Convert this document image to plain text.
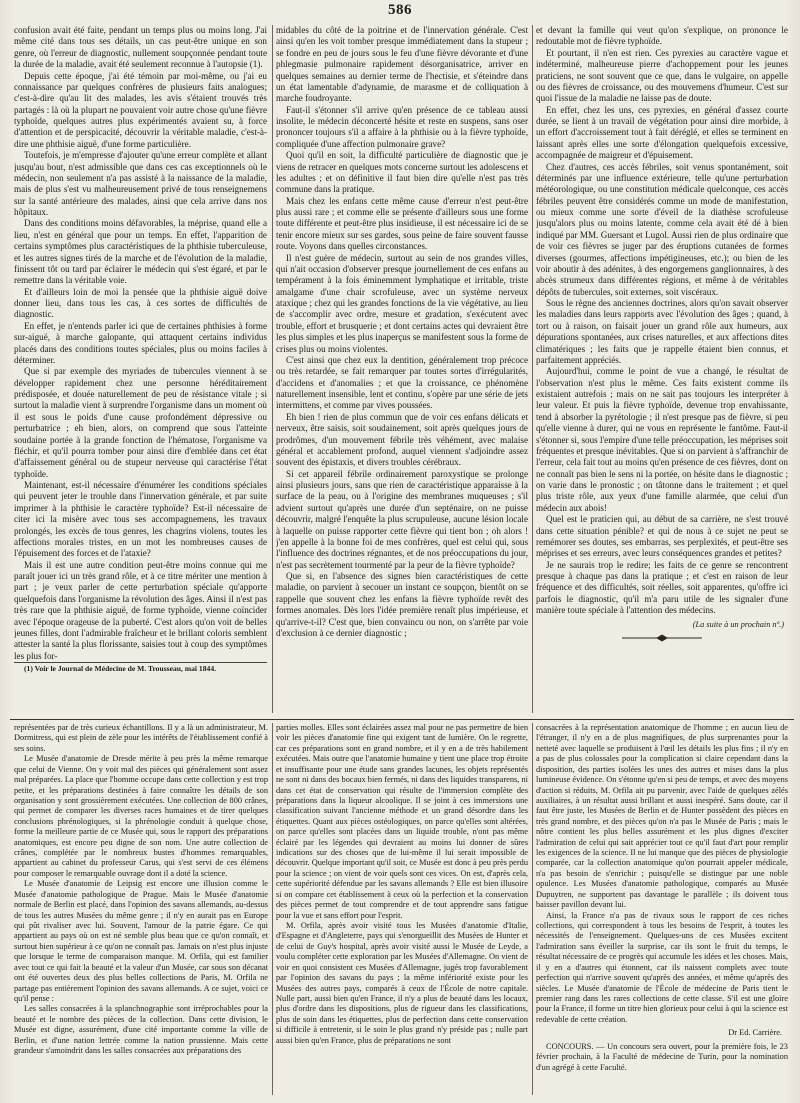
586

confusion avait été faite, pendant un temps plus ou moins long. J'ai même cité dans tous ses détails, un cas peut-être unique en son genre, où l'erreur de diagnostic, nullement soupçonnée pendant toute la durée de la maladie, avait été seulement reconnue à l'autopsie (1).

Depuis cette époque, j'ai été témoin par moi-même, ou j'ai eu connaissance par quelques confrères de plusieurs faits analogues; c'est-à-dire qu'au lit des malades, les avis s'étaient trouvés très partagés : là où la plupart ne pouvaient voir autre chose qu'une fièvre typhoïde, quelques autres plus expérimentés avaient su, à force d'attention et de perspicacité, découvrir la véritable maladie, c'est-à-dire une phthisie aiguë, d'une forme particulière.

Toutefois, je m'empresse d'ajouter qu'une erreur complète et allant jusqu'au bout, n'est admissible que dans ces cas exceptionnels où le médecin, non seulement n'a pas assisté à la naissance de la maladie, mais de plus s'est vu malheureusement privé de tous renseignemens sur la santé antérieure des malades, ainsi que cela arrive dans nos hôpitaux.

Dans des conditions moins défavorables, la méprise, quand elle a lieu, n'est en général que pour un temps. En effet, l'apparition de certains symptômes plus caractéristiques de la phthisie tuberculeuse, et les autres signes tirés de la marche et de l'évolution de la maladie, finissent tôt ou tard par éclairer le médecin qui s'est égaré, et par le remettre dans la véritable voie.

Et d'ailleurs loin de moi la pensée que la phthisie aiguë doive donner lieu, dans tous les cas, à ces sortes de difficultés de diagnostic.

En effet, je n'entends parler ici que de certaines phthisies à forme sur-aiguë, à marche galopante, qui attaquent certains individus placés dans des conditions toutes spéciales, plus ou moins faciles à déterminer.

Que si par exemple des myriades de tubercules viennent à se développer rapidement chez une personne héréditairement prédisposée, et douée naturellement de peu de résistance vitale ; si surtout la maladie vient à surprendre l'organisme dans un moment où il est sous le poids d'une cause profondément dépressive ou perturbatrice ; eh bien, alors, on comprend que sous l'atteinte soudaine portée à la grande fonction de l'hématose, l'organisme va fléchir, et qu'il pourra tomber pour ainsi dire d'emblée dans cet état d'affaissement général ou de stupeur nerveuse qui caractérise l'état typhoïde.

Maintenant, est-il nécessaire d'énumérer les conditions spéciales qui peuvent jeter le trouble dans l'innervation générale, et par suite imprimer à la phthisie le caractère typhoïde? Est-il nécessaire de citer ici la misère avec tous ses accompagnemens, les travaux prolongés, les excès de tous genres, les chagrins violens, toutes les affections morales tristes, en un mot les nombreuses causes de l'épuisement des forces et de l'ataxie?

Mais il est une autre condition peut-être moins connue qui me paraît jouer ici un très grand rôle, et à ce titre mériter une mention à part ; je veux parler de cette perturbation spéciale qu'apporte quelquefois dans l'organisme la révolution des âges. Ainsi il n'est pas très rare que la phthisie aiguë, de forme typhoïde, vienne coïncider avec l'époque orageuse de la puberté. C'est alors qu'on voit de belles jeunes filles, dont l'admirable fraîcheur et le brillant coloris semblent attester la santé la plus florissante, saisies tout à coup des symptômes les plus for-

(1) Voir le Journal de Médecine de M. Trousseau, mai 1844.

midables du côté de la poitrine et de l'innervation générale. C'est ainsi qu'en les voit tomber presque immédiatement dans la stupeur ; se fondre en peu de jours sous le feu d'une fièvre dévorante et d'une phlegmasie pulmonaire rapidement désorganisatrice, arriver en quelques semaines au dernier terme de l'hectisie, et s'éteindre dans un état lamentable d'adynamie, de marasme et de colliquation à marche foudroyante.

Faut-il s'étonner s'il arrive qu'en présence de ce tableau aussi insolite, le médecin déconcerté hésite et reste en suspens, sans oser prononcer toujours s'il a affaire à la phthisie ou à la fièvre typhoïde, compliquée d'une affection pulmonaire grave?

Quoi qu'il en soit, la difficulté particulière de diagnostic que je viens de retracer en quelques mots concerne surtout les adolescens et les adultes ; et on définitive il faut bien dire qu'elle n'est pas très commune dans la pratique.

Mais chez les enfans cette même cause d'erreur n'est peut-être plus aussi rare ; et comme elle se présente d'ailleurs sous une forme toute différente et peut-être plus insidieuse, il est nécessaire ici de se tenir encore mieux sur ses gardes, sous peine de faire souvent fausse route. Voyons dans quelles circonstances.

Il n'est guère de médecin, surtout au sein de nos grandes villes, qui n'ait occasion d'observer presque journellement de ces enfans au tempérament à la fois éminemment lymphatique et irritable, triste amalgame d'une chair scrofuleuse, avec un système nerveux ataxique ; chez qui les grandes fonctions de la vie végétative, au lieu de s'accomplir avec ordre, mesure et gradation, s'exécutent avec trouble, effort et brusquerie ; et dont certains actes qui devraient être les plus simples et les plus inaperçus se manifestent sous la forme de crises plus ou moins violentes.

C'est ainsi que chez eux la dentition, généralement trop précoce ou très retardée, se fait remarquer par toutes sortes d'irrégularités, d'accidens et d'anomalies ; et que la croissance, ce phénomène naturellement insensible, lent et continu, s'opère par une série de jets intermittens, et comme par vives poussées.

Eh bien ! rien de plus commun que de voir ces enfans délicats et nerveux, être saisis, soit soudainement, soit après quelques jours de prodrômes, d'un mouvement fébrile très véhément, avec malaise général et accablement profond, auquel viennent s'adjoindre assez souvent des épistaxis, et divers troubles cérébraux.

Si cet appareil fébrile ordinairement paroxystique se prolonge ainsi plusieurs jours, sans que rien de caractéristique apparaisse à la surface de la peau, ou à l'origine des membranes muqueuses ; s'il advient surtout qu'après une durée d'un septénaire, on ne puisse découvrir, malgré l'enquête la plus scrupuleuse, aucune lésion locale à laquelle on puisse rapporter cette fièvre qui tient bon ; oh alors ! j'en appelle à la bonne foi de mes confrères, quel est celui qui, sous l'influence des doctrines régnantes, et de nos préoccupations du jour, n'est pas secrètement tourmenté par la peur de la fièvre typhoïde?

Que si, en l'absence des signes bien caractéristiques de cette maladie, on parvient à secouer un instant ce soupçon, bientôt on se rappelle que souvent chez les enfans la fièvre typhoïde revêt des formes anomales. Dès lors l'idée première renaît plus impérieuse, et qu'arrive-t-il? C'est que, bien convaincu ou non, on s'arrête par voie d'exclusion à ce dernier diagnostic ;

et devant la famille qui veut qu'on s'explique, on prononce le redoutable mot de fièvre typhoïde.

Et pourtant, il n'en est rien. Ces pyrexies au caractère vague et indéterminé, malheureuse pierre d'achoppement pour les jeunes praticiens, ne sont souvent que ce que, dans le vulgaire, on appelle ou des fièvres de croissance, ou des mouvemens d'humeur. C'est sur quoi l'issue de la maladie ne laisse pas de doute.

En effet, chez les uns, ces pyrexies, en général d'assez courte durée, se lient à un travail de végétation pour ainsi dire morbide, à un effort d'accroissement tout à fait déréglé, et elles se terminent en laissant après elles une sorte d'élongation quelquefois excessive, accompagnée de maigreur et d'épuisement.

Chez d'autres, ces accès fébriles, soit venus spontanément, soit déterminés par une influence extérieure, telle qu'une perturbation météorologique, ou une constitution médicale quelconque, ces accès fébriles peuvent être considérés comme un mode de manifestation, ou mieux comme une sorte d'éveil de la diathèse scrofuleuse jusqu'alors plus ou moins latente, comme cela avait été dé à bien indiqué par MM. Guersant et Lugol. Aussi rien de plus ordinaire que de voir ces fièvres se juger par des éruptions cutanées de formes diverses (gourmes, affections impétigineuses, etc.); ou bien de les voir aboutir à des adénites, à des engorgemens ganglionnaires, à des abcès strumeux dans différentes régions, et même à de véritables dépôts de tubercules, soit externes, soit viscéraux.

Sous le règne des anciennes doctrines, alors qu'on savait observer les maladies dans leurs rapports avec l'évolution des âges ; quand, à tort ou à raison, on faisait jouer un grand rôle aux humeurs, aux dépurations spontanées, aux crises naturelles, et aux affections dites climatériques ; les faits que je rappelle étaient bien connus, et parfaitement appréciés.

Aujourd'hui, comme le point de vue a changé, le résultat de l'observation n'est plus le même. Ces faits existent comme ils existaient autrefois ; mais on ne sait pas toujours les interpréter à leur valeur. Et puis la fièvre typhoïde, devenue trop envahissante, tend à absorber la pyrétologie ; il n'est presque pas de fièvre, si peu qu'elle vienne à durer, qui ne vous en représente le fantôme. Faut-il s'étonner si, sous l'empire d'une telle préoccupation, les méprises soit fréquentes et presque inévitables. Que si on parvient à s'affranchir de l'erreur, cela fait tout au moins qu'en présence de ces fièvres, dont on ne connaît pas bien le sens ni la portée, on hésite dans le diagnostic ; on varie dans le pronostic ; on tâtonne dans le traitement ; et quel plus triste rôle, aux yeux d'une famille alarmée, que celui d'un médecin aux abois!

Quel est le praticien qui, au début de sa carrière, ne s'est trouvé dans cette situation pénible? et qui de nous à ce sujet ne peut se remémorer ses doutes, ses embarras, ses perplexités, et peut-être ses méprises et ses erreurs, avec leurs conséquences grandes et petites?

Je ne saurais trop le redire; les faits de ce genre se rencontrent presque à chaque pas dans la pratique ; et c'est en raison de leur fréquence et des difficultés, soit réelles, soit apparentes, qu'offre ici parfois le diagnostic, qu'il m'a paru utile de les signaler d'une manière toute spéciale à l'attention des médecins.

(La suite à un prochain nº.)

représentées par de très curieux échantillons. Il y a là un administrateur, M. Dormitress, qui est plein de zèle pour les intérêts de l'établissement confié à ses soins.

Le Musée d'anatomie de Dresde mérite à peu près la même remarque que celui de Vienne. On y voit mal des pièces qui généralement sont assez mal préparées. La place que l'homme occupe dans cette collection y est trop petite, et les préparations destinées à faire connaître les détails de son organisation y sont grossièrement exécutées. Une collection de 800 crânes, qui permet de comparer les diverses races humaines et de tirer quelques conclusions phrénologiques, si la phrénologie conduit à quelque chose, forme la meilleure partie de ce Musée qui, sous le rapport des préparations anatomiques, est encore peu digne de son nom. Une autre collection de crânes, complétée par le nombreux bustes d'hommes remarquables, appartient au cabinet du professeur Carus, qui s'est servi de ces élémens pour composer le remarquable ouvrage dont il a doté la science.

Le Musée d'anatomie de Leipsig est encore une illusion comme le Musée d'anatomie pathologique de Prague. Mais le Musée d'anatomie normale de Berlin est placé, dans l'opinion des savans allemands, au-dessus de tous les autres Musées du même genre ; il n'y en aurait pas en Europe qui pût rivaliser avec lui. Souvent, l'amour de la patrie égare. Ce qui appartient au pays où on est né semble plus beau que ce qu'on connaît, et surtout bien supérieur à ce qu'on ne connaît pas. Jamais on n'est plus injuste que lorsque le terme de comparaison manque. M. Orfila, qui est familier avec tout ce qui fait la beauté et la valeur d'un Musée, car sous son décanat ont été ouvertes deux des plus belles collections de Paris, M. Orfila ne partage pas entièrement l'opinion des savans allemands. A ce sujet, voici ce qu'il pense :

Les salles consacrées à la splanchnographie sont irréprochables pour la beauté et le nombre des pièces de la collection. Dans cette division, le Musée est digne, assurément, d'une cité importante comme la ville de Berlin, et d'une nation lettrée comme la nation prussienne. Mais cette grandeur s'amoindrit dans les salles consacrées aux préparations des

parties molles. Elles sont éclairées assez mal pour ne pas permettre de bien voir les pièces d'anatomie fine qui exigent tant de lumière. On le regrette, car ces préparations sont en grand nombre, et il y en a de très habilement exécutées. Mais outre que l'anatomie humaine y tient une place trop étroite et insuffisante pour une étude sans grandes lacunes, les objets représentés ne sont ni dans des bocaux bien fermés, ni dans des liquides transparens, ni dans cet état de conservation qui résulte de l'immersion complète des préparations dans la liqueur alcoolique. Il se joint à ces immersions une classification suivant l'ancienne méthode et un grand désordre dans les étiquettes. Quant aux pièces ostéologiques, on parce qu'elles sont altérées, on parce qu'elles sont placées dans un liquide trouble, n'ont pas même éclairé par les légendes qui devraient au moins lui donner de sûres indications sur des choses que de lui-même il lui serait impossible de découvrir. Quelque important qu'il soit, ce Musée est donc à peu près perdu pour la science ; on vient de voir quels sont ces vices. On est, d'après cela, cette supériorité défendue par les savans allemands ? Elle est bien illusoire si on compare cet établissement à ceux où la perfection et la conservation des pièces permet de tout comprendre et de tout apprendre sans fatigue pour la vue et sans effort pour l'esprit.

M. Orfila, après avoir visité tous les Musées d'anatomie d'Italie, d'Espagne et d'Angleterre, pays qui s'enorgueillit des Musées de Hunter et de celui de Guy's hospital, après avoir visité aussi le Musée de Leyde, a voulu compléter cette exploration par les Musées d'Allemagne. On vient de voir en quoi consistent ces Musées d'Allemagne, jugés trop favorablement par l'opinion des savans du pays ; la même infériorité existe pour les Musées des autres pays, comparés à ceux de l'École de notre capitale. Nulle part, aussi bien qu'en France, il n'y a plus de beauté dans les locaux, plus d'ordre dans les dispositions, plus de rigueur dans les classifications, plus de soin dans les étiquettes, plus de perfection dans cette conservation si difficile à entretenir, si le soin le plus grand n'y préside pas ; nulle part aussi bien qu'en France, plus de préparations ne sont

consacrées à la représentation anatomique de l'homme ; en aucun lieu de l'étranger, il n'y en a de plus magnifiques, de plus surprenantes pour la netteté avec laquelle se produisent à l'œil les détails les plus fins ; il n'y en a pas de plus colossales pour la complication si claire cependant dans la disposition, des parties isolées les unes des autres et mises dans la plus lumineuse évidence. On s'étonne qu'en si peu de temps, et avec des moyens d'action si réduits, M. Orfila ait pu parvenir, avec l'aide de quelques zélés auxiliaires, à un résultat aussi brillant et aussi inespéré. Sans doute, car il faut être juste, les Musées de Berlin et de Hunter possèdent des pièces en très grand nombre, et des pièces qu'on n'a pas le Musée de Paris ; mais le nôtre contient les plus belles assurément et les plus dignes d'exciter l'admiration de celui qui sait apprécier tout ce qu'il faut d'art pour remplir les exigences de la science. Il ne lui manque que des pièces de physiologie comparée, car la collection anatomique qu'on pourrait appeler médicale, n'a pas besoin de s'enrichir ; puisqu'elle se distingue par une noble opulence. Les Musées d'anatomie pathologique, comparés au Musée Dupuytren, ne supportent pas davantage le parallèle ; ils doivent tous baisser pavillon devant lui.

Ainsi, la France n'a pas de rivaux sous le rapport de ces riches collections, qui correspondent à tous les besoins de l'esprit, à toutes les nécessités de l'enseignement. Quelques-uns de ces Musées excitent l'admiration sans éveiller la surprise, car ils sont le fruit du temps, le résultat nécessaire de ce progrès qui accumule les idées et les choses. Mais, il y en a d'autres qui étonnent, car ils naissent complets avec toute perfection qui n'arrive souvent qu'après des années, et même qu'après des siècles. Le Musée d'anatomie de l'École de médecine de Paris tient le premier rang dans les rares collections de cette classe. S'il est une gloire pour la France, il forme un titre bien glorieux pour celui à qui la science est redevable de cette création.

Dr Ed. Carrière.

CONCOURS. — Un concours sera ouvert, pour la première fois, le 23 février prochain, à la Faculté de médecine de Turin, pour la nomination d'un agrégé à cette Faculté.
